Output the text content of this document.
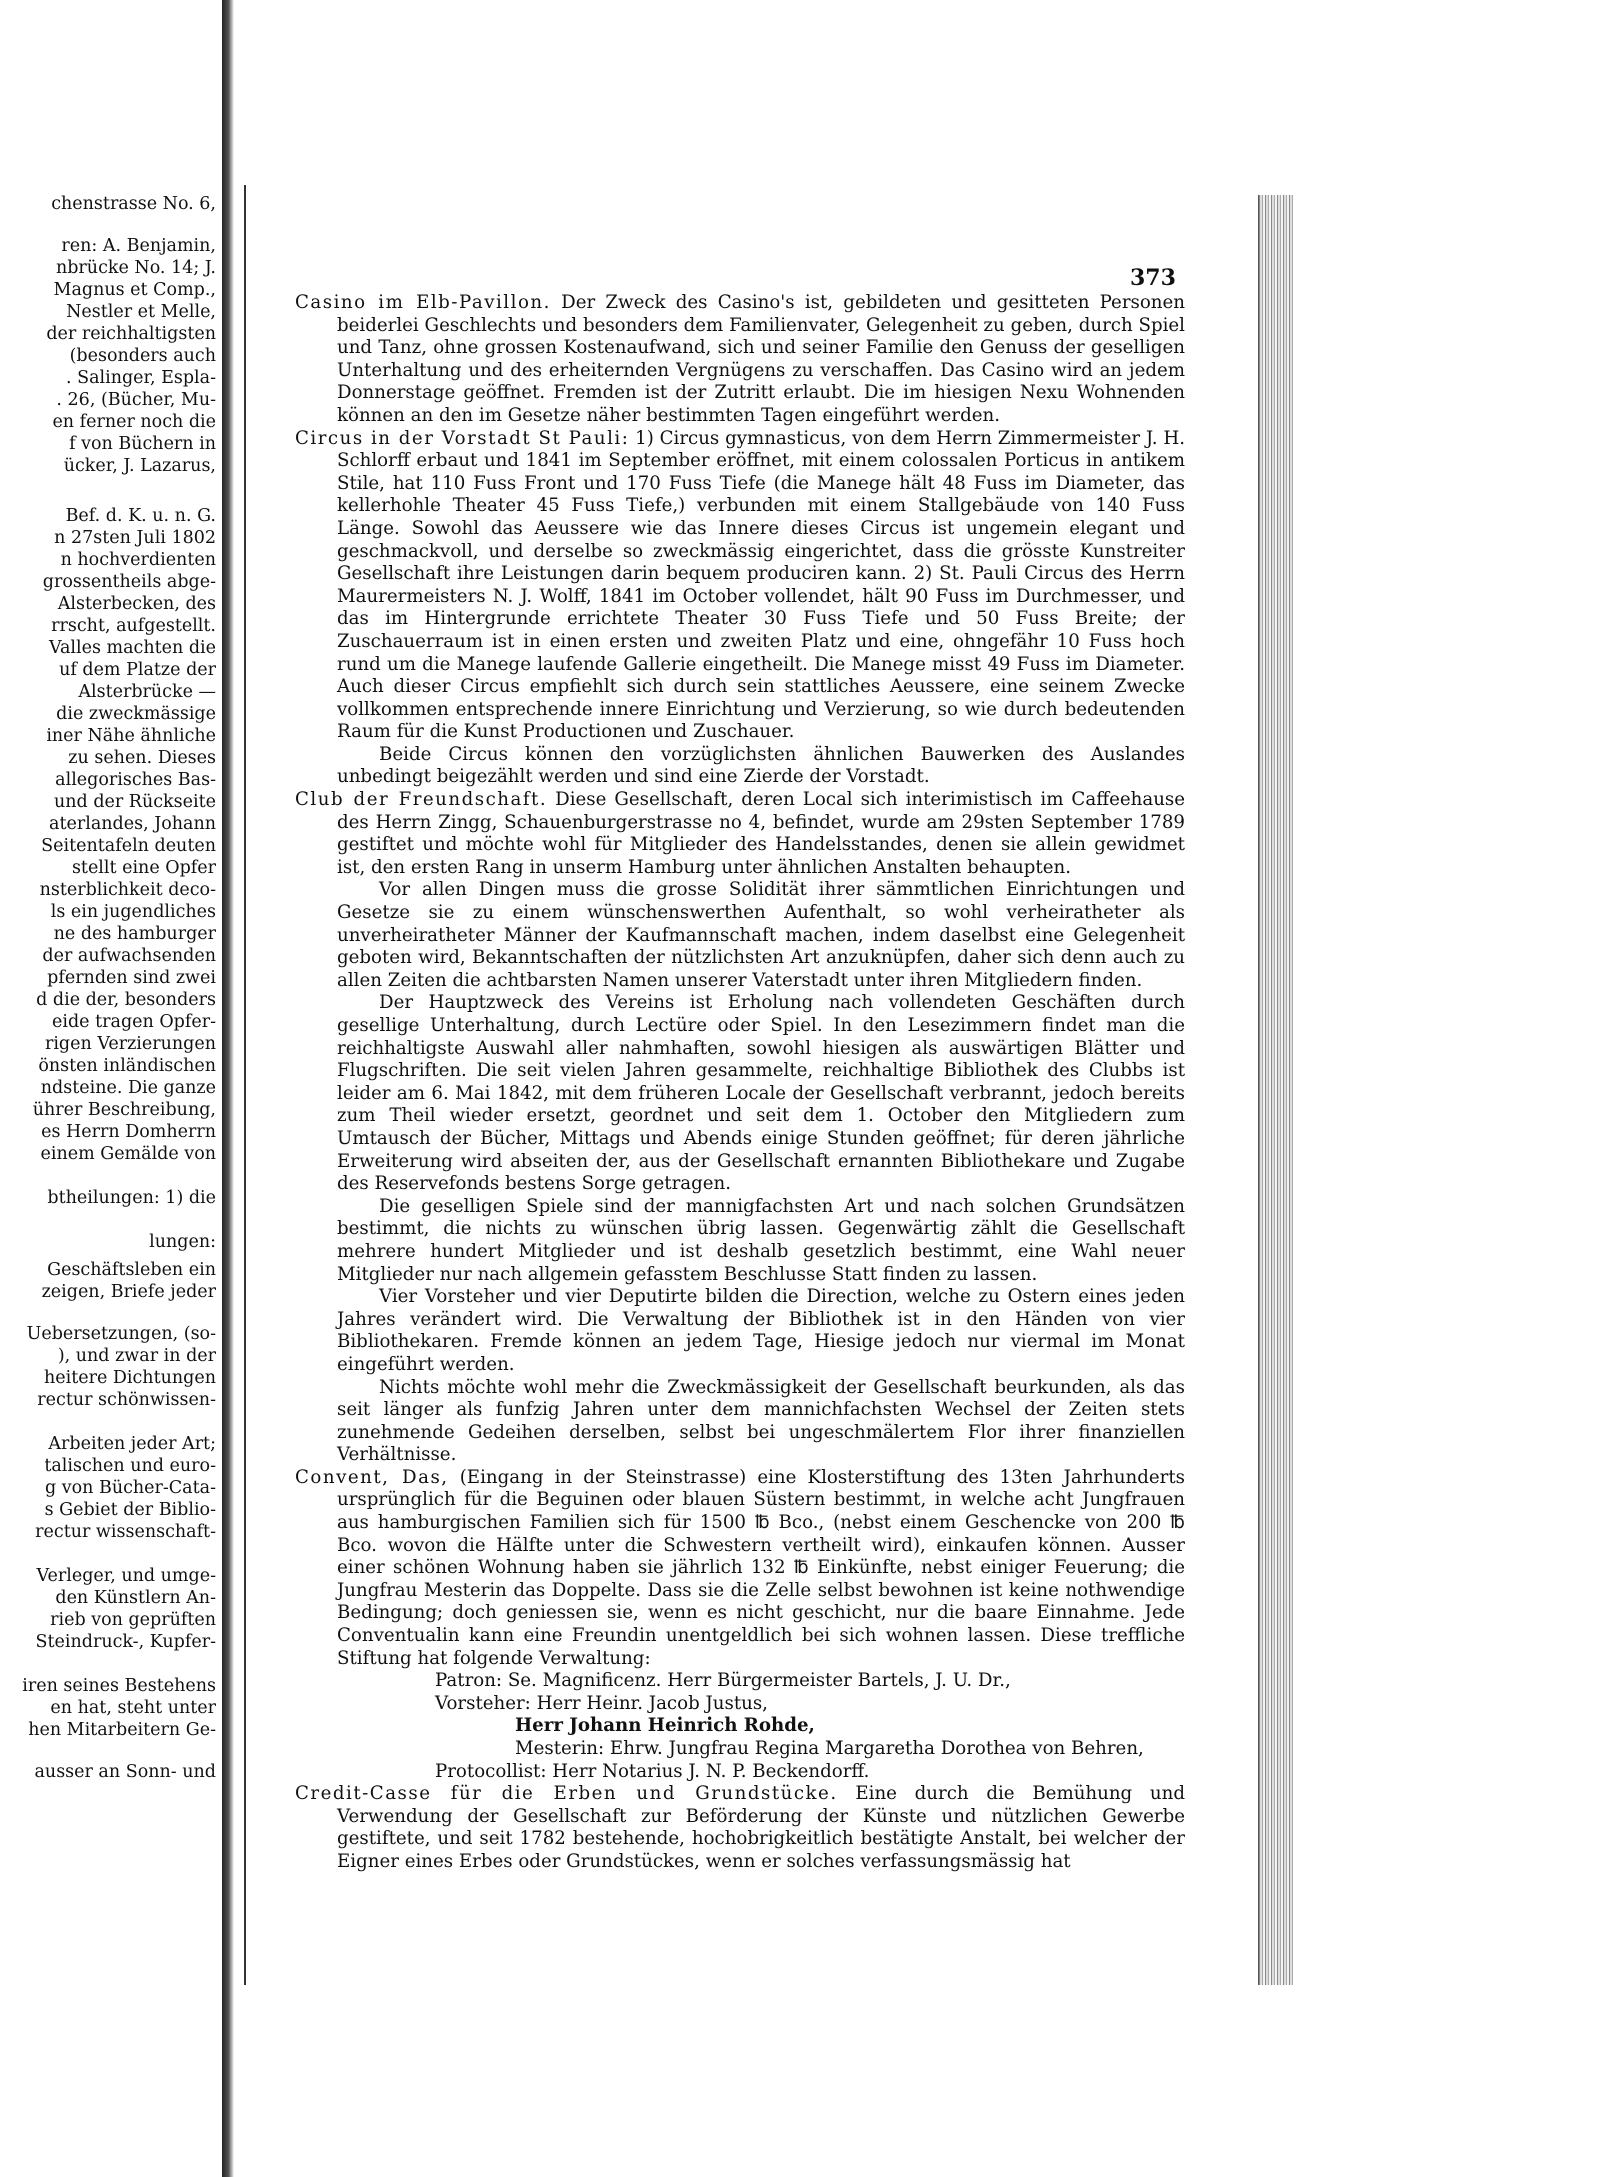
chenstrasse No. 6,
ren: A. Benjamin,
nbrücke No. 14; J.
Magnus et Comp.,
Nestler et Melle,
der reichhaltigsten
(besonders auch
. Salinger, Espla-
. 26, (Bücher, Mu-
en ferner noch die
f von Büchern in
ücker, J. Lazarus,
Bef. d. K. u. n. G.
n 27sten Juli 1802
n hochverdienten
grossentheils abge-
Alsterbecken, des
rrscht, aufgestellt.
Valles machten die
uf dem Platze der
Alsterbrücke —
die zweckmässige
iner Nähe ähnliche
zu sehen. Dieses
allegorisches Bas-
und der Rückseite
aterlandes, Johann
Seitentafeln deuten
stellt eine Opfer
nsterblichkeit deco-
ls ein jugendliches
ne des hamburger
der aufwachsenden
pfernden sind zwei
d die der, besonders
eide tragen Opfer-
rigen Verzierungen
önsten inländischen
ndsteine. Die ganze
ührer Beschreibung,
es Herrn Domherrn
einem Gemälde von
btheilungen: 1) die
lungen:
Geschäftsleben ein
zeigen, Briefe jeder
Uebersetzungen, (so-
), und zwar in der
heitere Dichtungen
rectur schönwissen-
Arbeiten jeder Art;
talischen und euro-
g von Bücher-Cata-
s Gebiet der Biblio-
rectur wissenschaft-
Verleger, und umge-
den Künstlern An-
rieb von geprüften
Steindruck-, Kupfer-
iren seines Bestehens
en hat, steht unter
hen Mitarbeitern Ge-
ausser an Sonn- und
373

Casino im Elb-Pavillon. Der Zweck des Casino's ist, gebildeten und gesitteten Personen beiderlei Geschlechts und besonders dem Familienvater, Gelegenheit zu geben, durch Spiel und Tanz, ohne grossen Kostenaufwand, sich und seiner Familie den Genuss der geselligen Unterhaltung und des erheiternden Vergnügens zu verschaffen. Das Casino wird an jedem Donnerstage geöffnet. Fremden ist der Zutritt erlaubt. Die im hiesigen Nexu Wohnenden können an den im Gesetze näher bestimmten Tagen eingeführt werden.

Circus in der Vorstadt St Pauli: 1) Circus gymnasticus, von dem Herrn Zimmermeister J. H. Schlorff erbaut und 1841 im September eröffnet, mit einem colossalen Porticus in antikem Stile, hat 110 Fuss Front und 170 Fuss Tiefe (die Manege hält 48 Fuss im Diameter, das kellerhohle Theater 45 Fuss Tiefe,) verbunden mit einem Stallgebäude von 140 Fuss Länge. Sowohl das Aeussere wie das Innere dieses Circus ist ungemein elegant und geschmackvoll, und derselbe so zweckmässig eingerichtet, dass die grösste Kunstreiter Gesellschaft ihre Leistungen darin bequem produciren kann. 2) St. Pauli Circus des Herrn Maurermeisters N. J. Wolff, 1841 im October vollendet, hält 90 Fuss im Durchmesser, und das im Hintergrunde errichtete Theater 30 Fuss Tiefe und 50 Fuss Breite; der Zuschauerraum ist in einen ersten und zweiten Platz und eine, ohngefähr 10 Fuss hoch rund um die Manege laufende Gallerie eingetheilt. Die Manege misst 49 Fuss im Diameter. Auch dieser Circus empfiehlt sich durch sein stattliches Aeussere, eine seinem Zwecke vollkommen entsprechende innere Einrichtung und Verzierung, so wie durch bedeutenden Raum für die Kunst Productionen und Zuschauer.

Beide Circus können den vorzüglichsten ähnlichen Bauwerken des Auslandes unbedingt beigezählt werden und sind eine Zierde der Vorstadt.

Club der Freundschaft. Diese Gesellschaft, deren Local sich interimistisch im Caffeehause des Herrn Zingg, Schauenburgerstrasse no 4, befindet, wurde am 29sten September 1789 gestiftet und möchte wohl für Mitglieder des Handelsstandes, denen sie allein gewidmet ist, den ersten Rang in unserm Hamburg unter ähnlichen Anstalten behaupten.

Vor allen Dingen muss die grosse Solidität ihrer sämmtlichen Einrichtungen und Gesetze sie zu einem wünschenswerthen Aufenthalt, so wohl verheiratheter als unverheiratheter Männer der Kaufmannschaft machen, indem daselbst eine Gelegenheit geboten wird, Bekanntschaften der nützlichsten Art anzuknüpfen, daher sich denn auch zu allen Zeiten die achtbarsten Namen unserer Vaterstadt unter ihren Mitgliedern finden.

Der Hauptzweck des Vereins ist Erholung nach vollendeten Geschäften durch gesellige Unterhaltung, durch Lectüre oder Spiel. In den Lesezimmern findet man die reichhaltigste Auswahl aller nahmhaften, sowohl hiesigen als auswärtigen Blätter und Flugschriften. Die seit vielen Jahren gesammelte, reichhaltige Bibliothek des Clubbs ist leider am 6. Mai 1842, mit dem früheren Locale der Gesellschaft verbrannt, jedoch bereits zum Theil wieder ersetzt, geordnet und seit dem 1. October den Mitgliedern zum Umtausch der Bücher, Mittags und Abends einige Stunden geöffnet; für deren jährliche Erweiterung wird abseiten der, aus der Gesellschaft ernannten Bibliothekare und Zugabe des Reservefonds bestens Sorge getragen.

Die geselligen Spiele sind der mannigfachsten Art und nach solchen Grundsätzen bestimmt, die nichts zu wünschen übrig lassen. Gegenwärtig zählt die Gesellschaft mehrere hundert Mitglieder und ist deshalb gesetzlich bestimmt, eine Wahl neuer Mitglieder nur nach allgemein gefasstem Beschlusse Statt finden zu lassen.

Vier Vorsteher und vier Deputirte bilden die Direction, welche zu Ostern eines jeden Jahres verändert wird. Die Verwaltung der Bibliothek ist in den Händen von vier Bibliothekaren. Fremde können an jedem Tage, Hiesige jedoch nur viermal im Monat eingeführt werden.

Nichts möchte wohl mehr die Zweckmässigkeit der Gesellschaft beurkunden, als das seit länger als funfzig Jahren unter dem mannichfachsten Wechsel der Zeiten stets zunehmende Gedeihen derselben, selbst bei ungeschmälertem Flor ihrer finanziellen Verhältnisse.

Convent, Das, (Eingang in der Steinstrasse) eine Klosterstiftung des 13ten Jahrhunderts ursprünglich für die Beguinen oder blauen Süstern bestimmt, in welche acht Jungfrauen aus hamburgischen Familien sich für 1500 ℔ Bco., (nebst einem Geschencke von 200 ℔ Bco. wovon die Hälfte unter die Schwestern vertheilt wird), einkaufen können. Ausser einer schönen Wohnung haben sie jährlich 132 ℔ Einkünfte, nebst einiger Feuerung; die Jungfrau Mesterin das Doppelte. Dass sie die Zelle selbst bewohnen ist keine nothwendige Bedingung; doch geniessen sie, wenn es nicht geschicht, nur die baare Einnahme. Jede Conventualin kann eine Freundin unentgeldlich bei sich wohnen lassen. Diese treffliche Stiftung hat folgende Verwaltung:

Patron: Se. Magnificenz. Herr Bürgermeister Bartels, J. U. Dr.,

Vorsteher: Herr Heinr. Jacob Justus,

Herr Johann Heinrich Rohde,

Mesterin: Ehrw. Jungfrau Regina Margaretha Dorothea von Behren,

Protocollist: Herr Notarius J. N. P. Beckendorff.

Credit-Casse für die Erben und Grundstücke. Eine durch die Bemühung und Verwendung der Gesellschaft zur Beförderung der Künste und nützlichen Gewerbe gestiftete, und seit 1782 bestehende, hochobrigkeitlich bestätigte Anstalt, bei welcher der Eigner eines Erbes oder Grundstückes, wenn er solches verfassungsmässig hat
